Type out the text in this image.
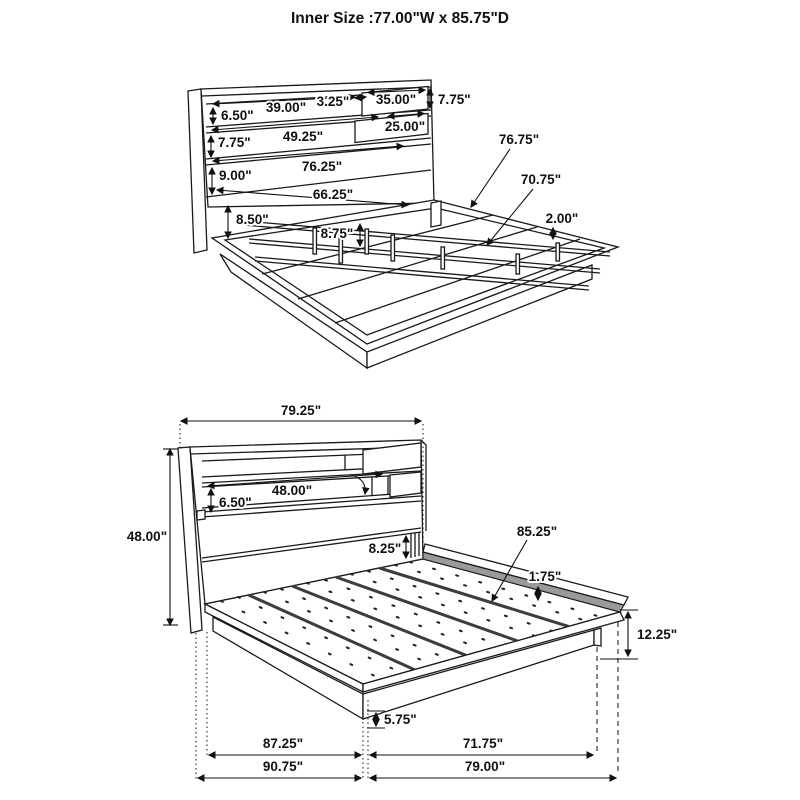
Inner Size :77.00"W x 85.75"D
39.00"
6.50"
3.25" 35.00" 7.75"
49.25"
7.75"
25.00"
9.00"
76.25"
66.25"
8.50"
8.75"
76.75"
70.75"
2.00"
79.25"
48.00"
48.00"
6.50"
8.25"
85.25"
1.75"
12.25"
5.75"
87.25"	71.75"
90.75"	79.00"
